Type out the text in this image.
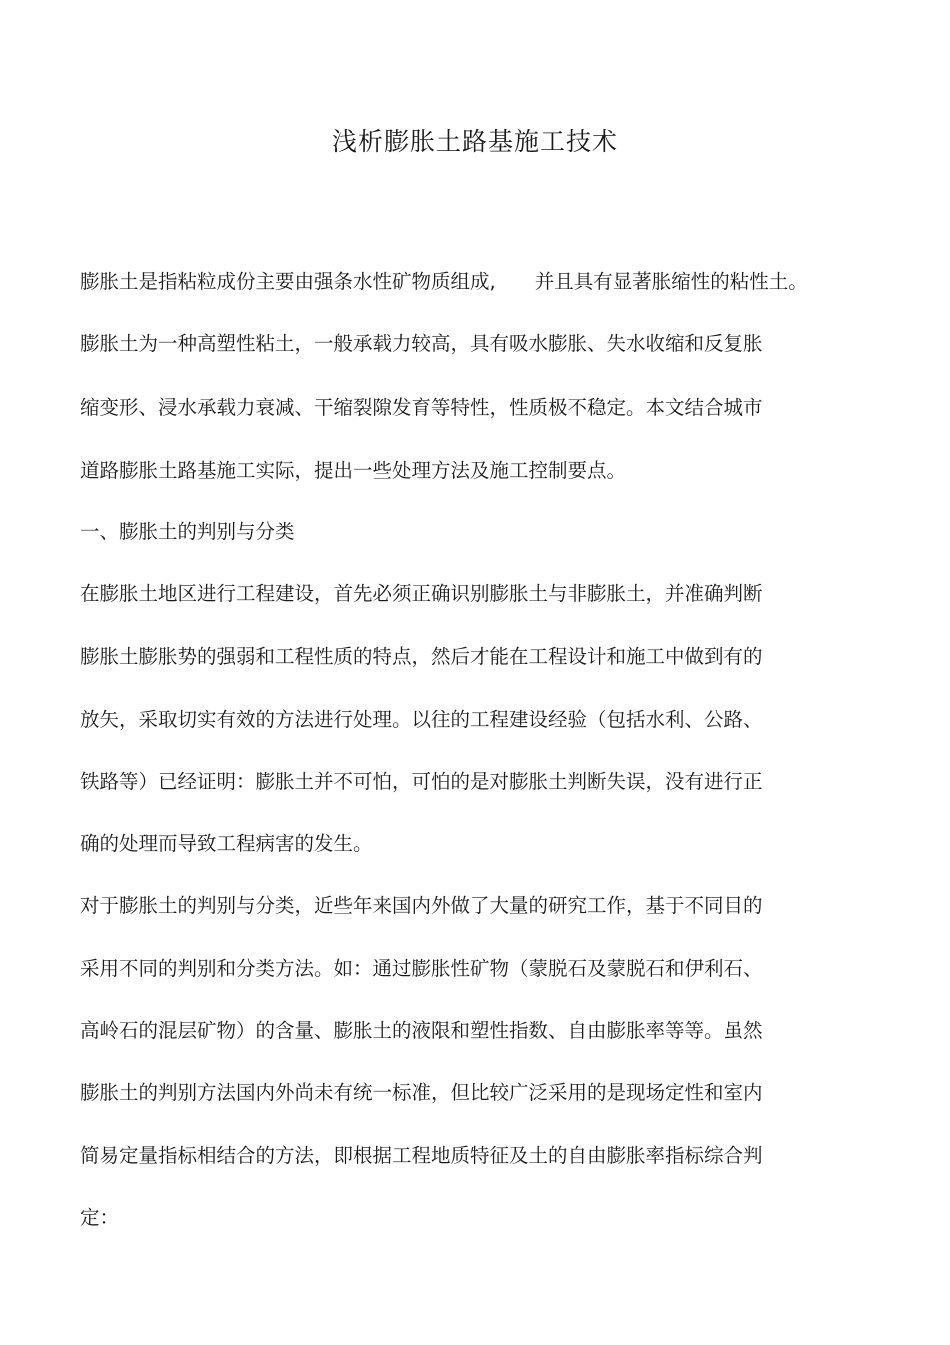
浅析膨胀土路基施工技术
膨胀土是指粘粒成份主要由强条水性矿物质组成,　　并且具有显著胀缩性的粘性土。
膨胀土为一种高塑性粘土，一般承载力较高，具有吸水膨胀、失水收缩和反复胀
缩变形、浸水承载力衰减、干缩裂隙发育等特性，性质极不稳定。本文结合城市
道路膨胀土路基施工实际，提出一些处理方法及施工控制要点。
一、膨胀土的判别与分类
在膨胀土地区进行工程建设，首先必须正确识别膨胀土与非膨胀土，并准确判断
膨胀土膨胀势的强弱和工程性质的特点，然后才能在工程设计和施工中做到有的
放矢，采取切实有效的方法进行处理。以往的工程建设经验（包括水利、公路、
铁路等）已经证明：膨胀土并不可怕，可怕的是对膨胀土判断失误，没有进行正
确的处理而导致工程病害的发生。
对于膨胀土的判别与分类，近些年来国内外做了大量的研究工作，基于不同目的
采用不同的判别和分类方法。如：通过膨胀性矿物（蒙脱石及蒙脱石和伊利石、
高岭石的混层矿物）的含量、膨胀土的液限和塑性指数、自由膨胀率等等。虽然
膨胀土的判别方法国内外尚未有统一标准，但比较广泛采用的是现场定性和室内
简易定量指标相结合的方法，即根据工程地质特征及土的自由膨胀率指标综合判
定：
